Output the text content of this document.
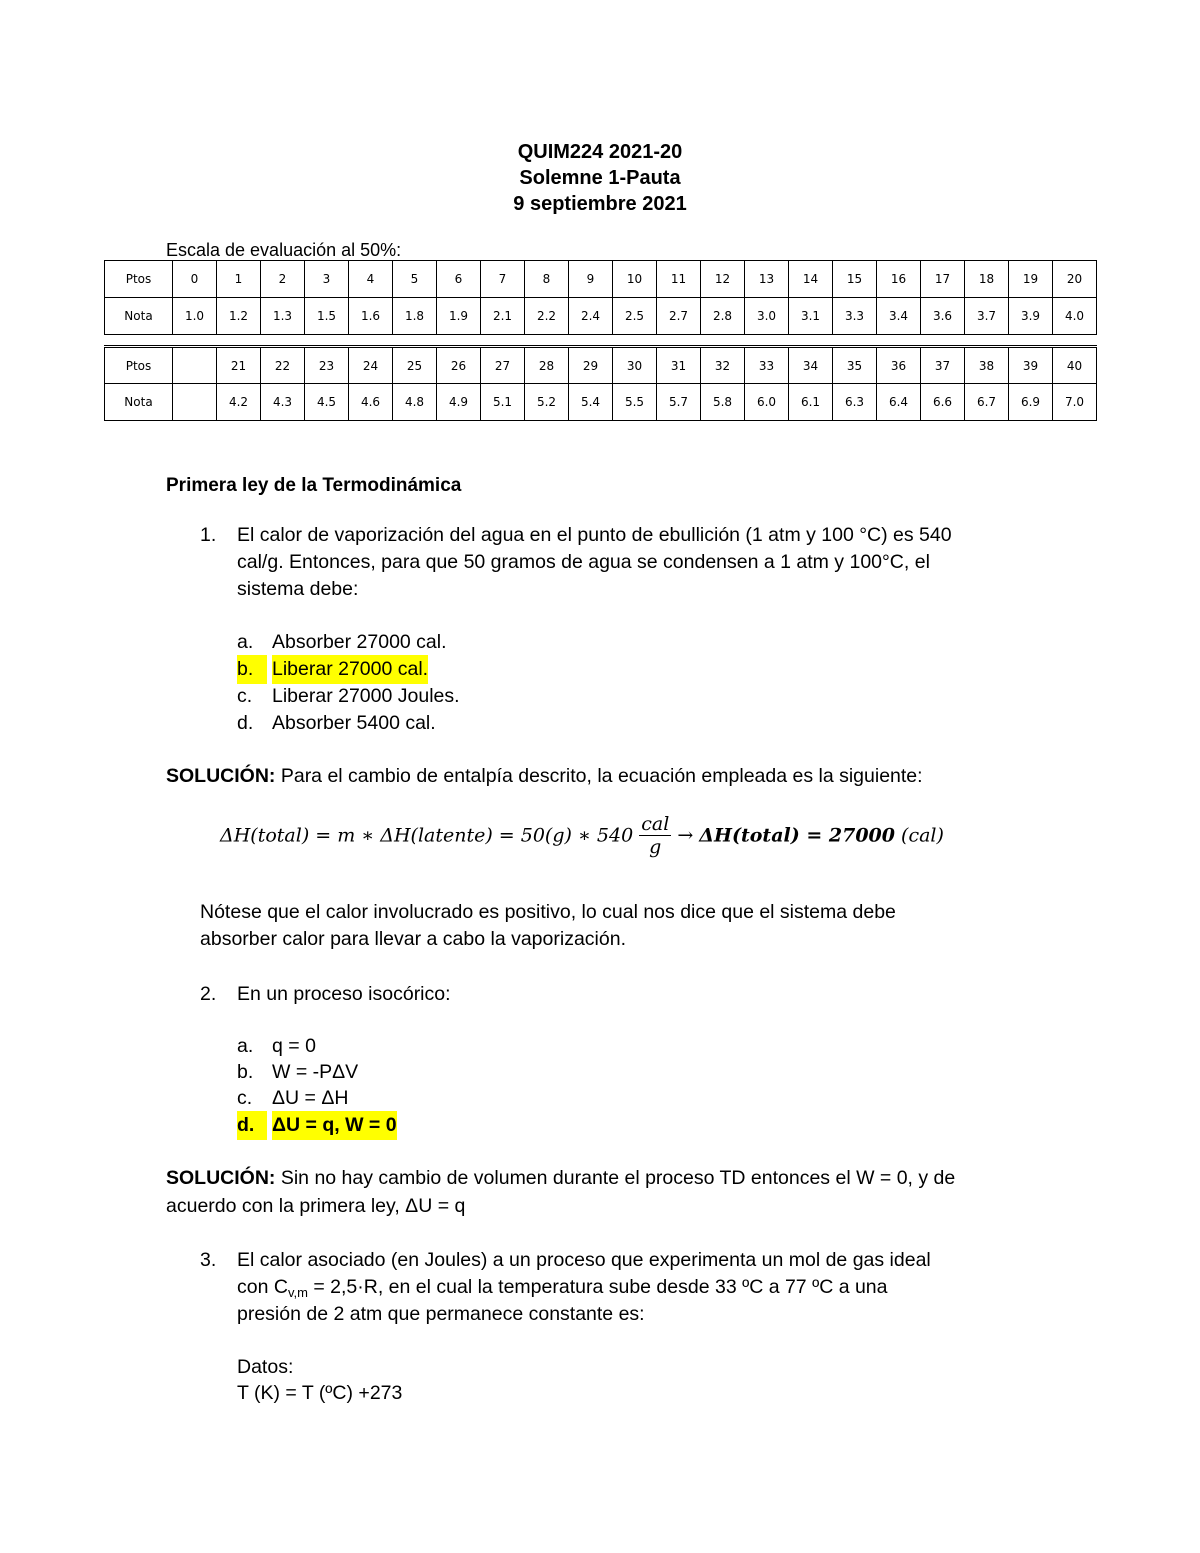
QUIM224 2021-20
Solemne 1-Pauta
9 septiembre 2021
Escala de evaluación al 50%:
Ptos	0	1	2	3	4	5	6	7	8	9	10	11	12	13	14	15	16	17	18	19	20
Nota	1.0	1.2	1.3	1.5	1.6	1.8	1.9	2.1	2.2	2.4	2.5	2.7	2.8	3.0	3.1	3.3	3.4	3.6	3.7	3.9	4.0
Ptos		21	22	23	24	25	26	27	28	29	30	31	32	33	34	35	36	37	38	39	40
Nota		4.2	4.3	4.5	4.6	4.8	4.9	5.1	5.2	5.4	5.5	5.7	5.8	6.0	6.1	6.3	6.4	6.6	6.7	6.9	7.0
Primera ley de la Termodinámica
1.	El calor de vaporización del agua en el punto de ebullición (1 atm y 100 °C) es 540
cal/g. Entonces, para que 50 gramos de agua se condensen a 1 atm y 100°C, el
sistema debe:
a. Absorber 27000 cal.
b. Liberar 27000 cal.
c.	Liberar 27000 Joules.
d. Absorber 5400 cal.
SOLUCIÓN: Para el cambio de entalpía descrito, la ecuación empleada es la siguiente:
ΔH(total) = m ∗ ΔH(latente) = 50(g) ∗ $540 \frac{\text{cal}}{g}$ → ΔH(total) = 27000 (cal)
Nótese que el calor involucrado es positivo, lo cual nos dice que el sistema debe
absorber calor para llevar a cabo la vaporización.
2.	En un proceso isocórico:
a. q = 0
b. W = -PΔV
c.	ΔU = ΔH
d. ΔU = q, W = 0
SOLUCIÓN: Sin no hay cambio de volumen durante el proceso TD entonces el W = 0, y de
acuerdo con la primera ley, ΔU = q
3.	El calor asociado (en Joules) a un proceso que experimenta un mol de gas ideal
con $C_{v,m} = 2,5\cdot R$, en el cual la temperatura sube desde 33 ºC a 77 ºC a una
presión de 2 atm que permanece constante es:
Datos:
T (K) = T (ºC) +273
